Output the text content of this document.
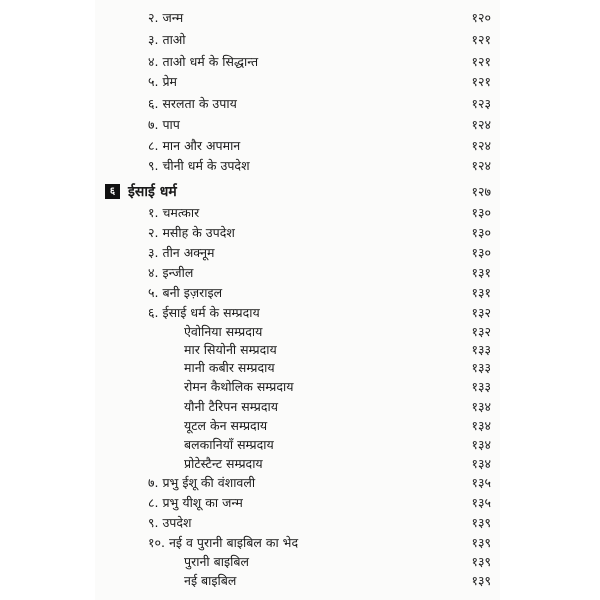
२. जन्म	१२०
३. ताओ	१२१
४. ताओ धर्म के सिद्धान्त	१२१
५. प्रेम	१२१
६. सरलता के उपाय	१२३
७. पाप	१२४
८. मान और अपमान	१२४
९. चीनी धर्म के उपदेश	१२४
६ ईसाई धर्म	१२७
१. चमत्कार	१३०
२. मसीह के उपदेश	१३०
३. तीन अक्नूम	१३०
४. इन्जील	१३१
५. बनी इज़राइल	१३१
६. ईसाई धर्म के सम्प्रदाय	१३२
ऐवोनिया सम्प्रदाय	१३२
मार सियोनी सम्प्रदाय	१३३
मानी कबीर सम्प्रदाय	१३३
रोमन कैथोलिक सम्प्रदाय	१३३
यौनी टैरिपन सम्प्रदाय	१३४
यूटल केन सम्प्रदाय	१३४
बलकानियाँ सम्प्रदाय	१३४
प्रोटेस्टैन्ट सम्प्रदाय	१३४
७. प्रभु ईशू की वंशावली	१३५
८. प्रभु यीशू का जन्म	१३५
९. उपदेश	१३९
१०. नई व पुरानी बाइबिल का भेद	१३९
पुरानी बाइबिल	१३९
नई बाइबिल	१३९
